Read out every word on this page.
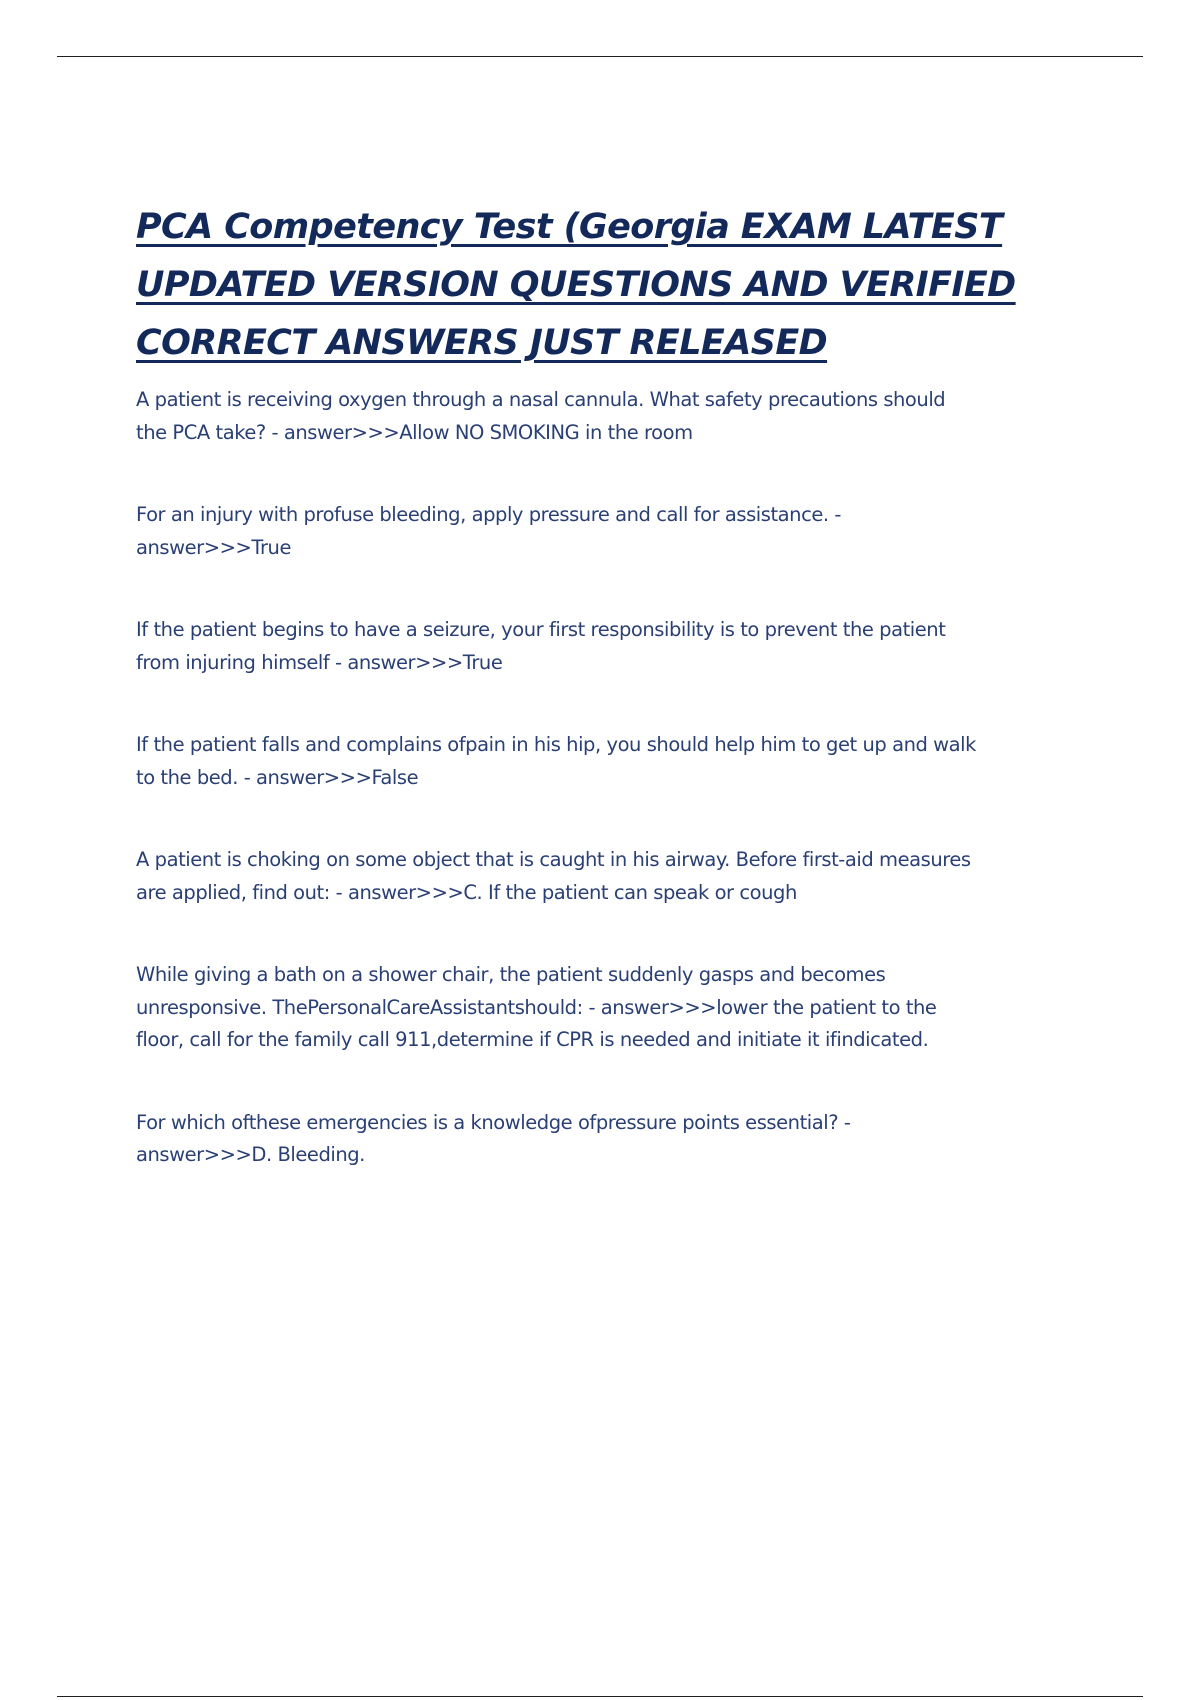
PCA Competency Test (Georgia EXAM LATEST
UPDATED VERSION QUESTIONS AND VERIFIED
CORRECT ANSWERS JUST RELEASED
A patient is receiving oxygen through a nasal cannula. What safety precautions should
the PCA take? - answer>>>Allow NO SMOKING in the room
For an injury with profuse bleeding, apply pressure and call for assistance. -
answer>>>True
If the patient begins to have a seizure, your first responsibility is to prevent the patient
from injuring himself - answer>>>True
If the patient falls and complains ofpain in his hip, you should help him to get up and walk
to the bed. - answer>>>False
A patient is choking on some object that is caught in his airway. Before first-aid measures
are applied, find out: - answer>>>C. If the patient can speak or cough
While giving a bath on a shower chair, the patient suddenly gasps and becomes
unresponsive. ThePersonalCareAssistantshould: - answer>>>lower the patient to the
floor, call for the family call 911,determine if CPR is needed and initiate it ifindicated.
For which ofthese emergencies is a knowledge ofpressure points essential? -
answer>>>D. Bleeding.
